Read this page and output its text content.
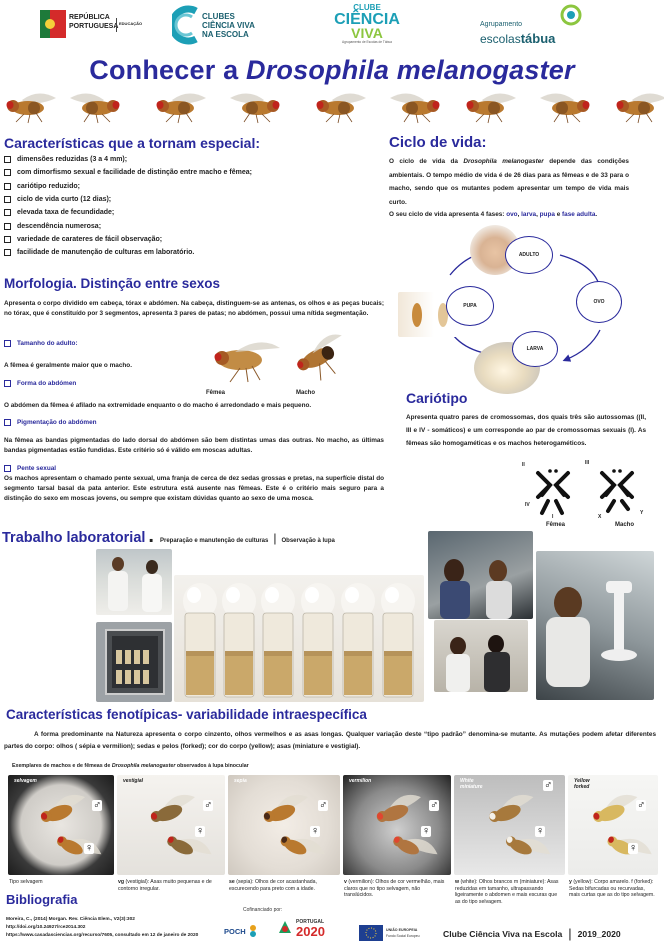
REPÚBLICA
PORTUGUESA EDUCAÇÃO
CLUBES
CIÊNCIA VIVA
NA ESCOLA
CLUBE
CIÊNCIA
VIVA
Agrupamento de Escolas de Tábua
Agrupamento
escolastábua
Conhecer a Drosophila melanogaster
Características que a tornam especial:
dimensões reduzidas (3 a 4 mm);
com dimorfismo sexual e facilidade de distinção entre macho e fêmea;
cariótipo reduzido;
ciclo de vida curto (12 dias);
elevada taxa de fecundidade;
descendência numerosa;
variedade de carateres de fácil observação;
facilidade de manutenção de culturas em laboratório.
Ciclo de vida:
O ciclo de vida da Drosophila melanogaster depende das condições ambientais. O tempo médio de vida é de 26 dias para as fêmeas e de 33 para o macho, sendo que os mutantes podem apresentar um tempo de vida mais curto.
O seu ciclo de vida apresenta 4 fases: ovo, larva, pupa e fase adulta.
ADULTO
OVO
LARVA
PUPA
Morfologia. Distinção entre sexos
Apresenta o corpo dividido em cabeça, tórax e abdómen. Na cabeça, distinguem-se as antenas, os olhos e as peças bucais; no tórax, que é constituído por 3 segmentos, apresenta 3 pares de patas; no abdómen, possui uma nítida segmentação.
Tamanho do adulto:
A fêmea é geralmente maior que o macho.
Forma do abdómen
O abdómen da fêmea é afilado na extremidade enquanto o do macho é arredondado e mais pequeno.
Pigmentação do abdómen
Na fêmea as bandas pigmentadas do lado dorsal do abdómen são bem distintas umas das outras. No macho, as últimas bandas pigmentadas estão fundidas. Este critério só é válido em moscas adultas.
Pente sexual
Os machos apresentam o chamado pente sexual, uma franja de cerca de dez sedas grossas e pretas, na superfície distal do segmento tarsal basal da pata anterior. Este estrutura está ausente nas fêmeas. Este é o critério mais seguro para a distinção do sexo em moscas jovens, ou sempre que existam dúvidas quanto ao sexo de uma mosca.
Fêmea	Macho	Cariótipo
Apresenta quatro pares de cromossomas, dos quais três são autossomas ((II, III e IV - somáticos) e um corresponde ao par de cromossomas sexuais (I). As fêmeas são homogaméticas e os machos heterogaméticos.
II	III
IV
I	X
Y
Fêmea	Macho
Trabalho laboratorial . Preparação e manutenção de culturas | Observação à lupa
Características fenotípicas- variabilidade intraespecífica
A forma predominante na Natureza apresenta o corpo cinzento, olhos vermelhos e as asas longas. Qualquer variação deste “tipo padrão” denomina-se mutante. As mutações podem afetar diferentes partes do corpo: olhos ( sépia e vermilion); sedas e pelos (forked); cor do corpo (yellow); asas (miniature e vestigial).
Exemplares de machos e de fêmeas de Drosophila melanogaster observados à lupa binocular
selvagem
♂
♀
Tipo selvagem
vestigial
♂
♀
vg (vestigial): Asas muito pequenas e de contorno irregular.
sepia
♂
♀
se (sepia): Olhos de cor acastanhada, escurecendo para preto com a idade.
vermilion
♂
♀
v (vermilion): Olhos de cor vermelhão, mais claros que no tipo selvagem, não translúcidos.
White miniature	♂
♀
w (white): Olhos brancos m (miniature): Asas reduzidas em tamanho, ultrapassando ligeiramente o abdomen e mais escuras que as do tipo selvagem.
Yellow forked
♂
♀
y (yellow): Corpo amarelo. f (forked): Sedas bifurcadas ou recurvadas, mais curtas que as do tipo selvagem.
Bibliografia
Moreira, C., (2014) Morgan. Rev. Ciência Elem., V2(3):302
http://doi.org/10.24927/rce2014.302
https://www.casadasciencias.org/recurso/7605, consultado em 12 de janeiro de 2020
Cofinanciado por:
POCH
PORTUGAL
2020	UNIÃO EUROPEIA
Fundo Social Europeu	Clube Ciência Viva na Escola | 2019_2020
